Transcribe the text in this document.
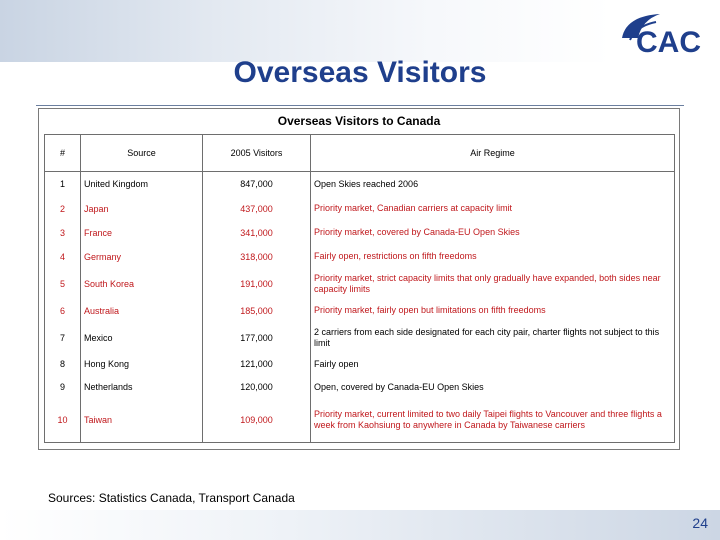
CAC
Overseas Visitors
Overseas Visitors to Canada
#	Source	2005 Visitors	Air Regime
1	United Kingdom	847,000	Open Skies reached 2006
2	Japan	437,000	Priority market, Canadian carriers at capacity limit
3	France	341,000	Priority market, covered by Canada-EU Open Skies
4	Germany	318,000	Fairly open, restrictions on fifth freedoms
5	South Korea	191,000	Priority market, strict capacity limits that only gradually have expanded, both sides near capacity limits
6	Australia	185,000	Priority market, fairly open but limitations on fifth freedoms
7	Mexico	177,000	2 carriers from each side designated for each city pair, charter flights not subject to this limit
8	Hong Kong	121,000	Fairly open
9	Netherlands	120,000	Open, covered by Canada-EU Open Skies
10	Taiwan	109,000	Priority market, current limited to two daily Taipei flights to Vancouver and three flights a week from Kaohsiung to anywhere in Canada by Taiwanese carriers
Sources: Statistics Canada, Transport Canada
24
